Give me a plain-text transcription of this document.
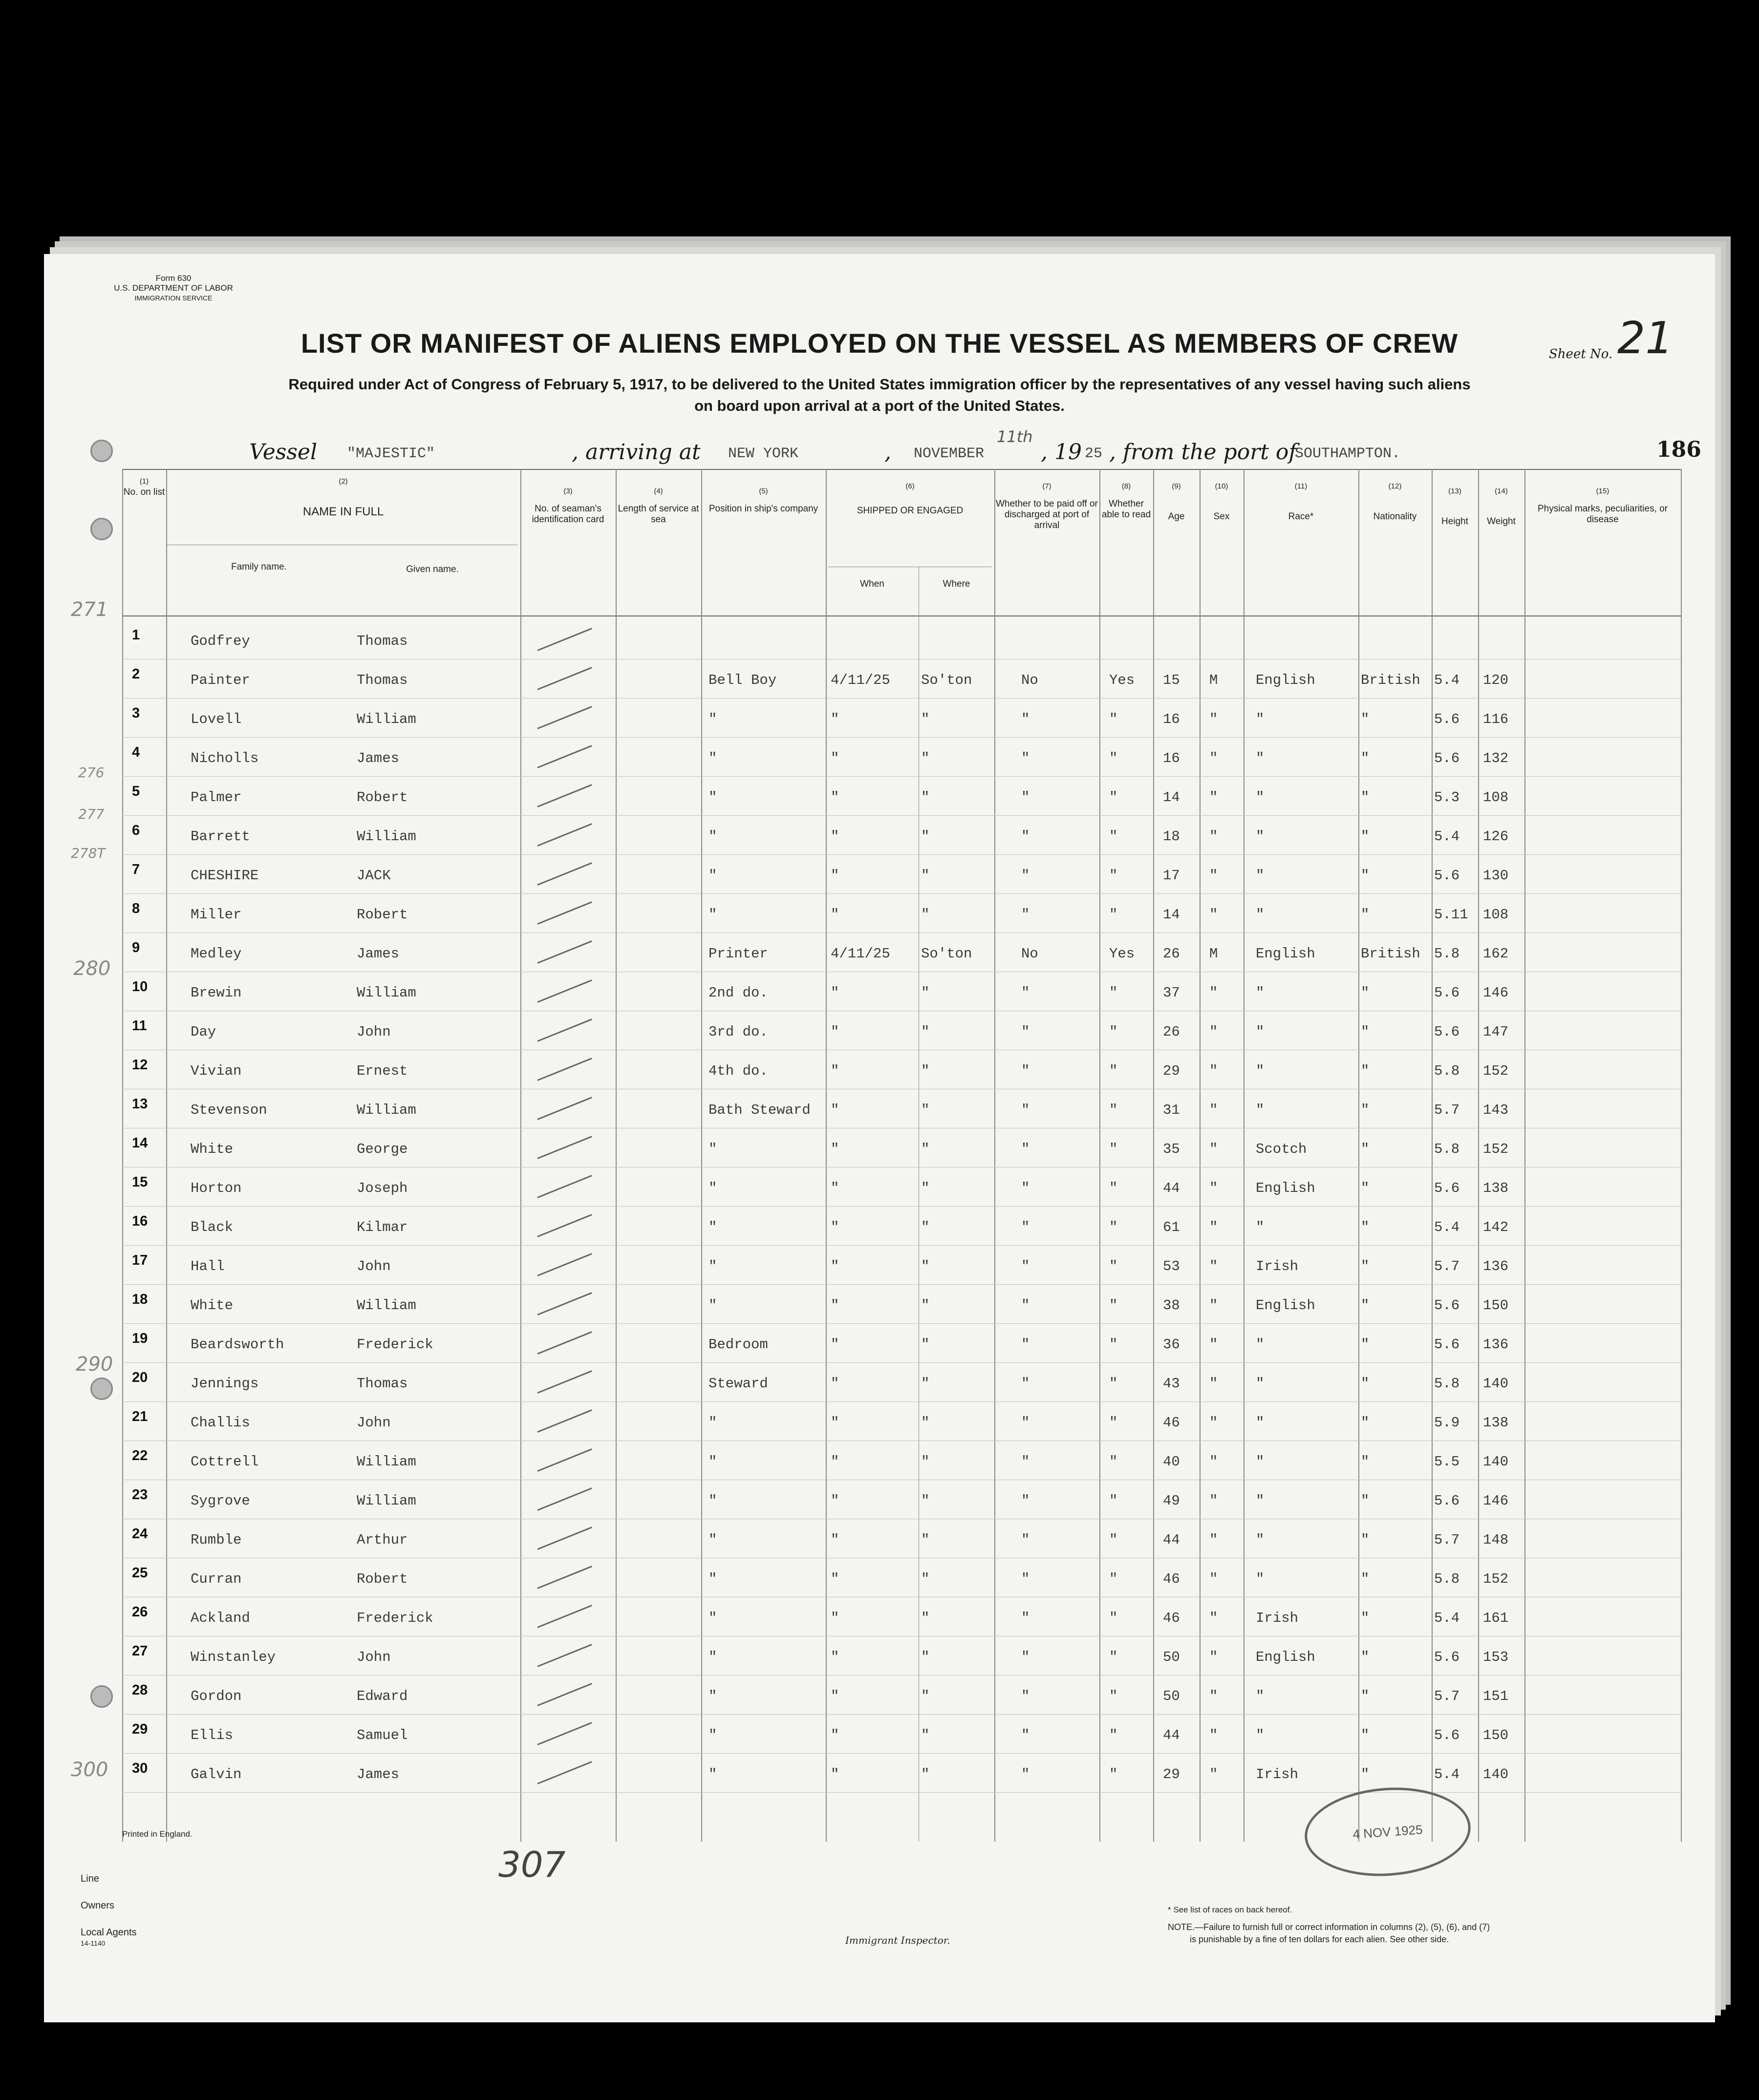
Form 630
U.S. DEPARTMENT OF LABOR
IMMIGRATION SERVICE
Sheet No. 21
LIST OR MANIFEST OF ALIENS EMPLOYED ON THE VESSEL AS MEMBERS OF CREW
Required under Act of Congress of February 5, 1917, to be delivered to the United States immigration officer by the representatives of any vessel having such aliens
on board upon arrival at a port of the United States.
Vessel "MAJESTIC"	, arriving at NEW YORK	, NOVEMBER
11th
, 19 25 , from the port of
SOUTHAMPTON.	186
(1)
No. on list
(2)
NAME IN FULL
Family name.	Given name.
(3)
No. of seaman's identification card
(4)
Length of service at sea
(5)
Position in ship's company
(6)
SHIPPED OR ENGAGED
When	Where
(7)
Whether to be paid off or discharged at port of arrival
(8)
Whether able to read
(9)
Age
(10)
Sex
(11)
Race*
(12)
Nationality
(13)
Height
(14)
Weight
(15)
Physical marks, peculiarities, or disease
1	Godfrey	Thomas
2	Painter	Thomas	Bell Boy	4/11/25 So'ton	No	Yes 15 M	English	British 5.4 120
3	Lovell	William	"	"	"	"	"	16 "	"	"	5.6 116
4	Nicholls	James	"	"	"	"	"	16 "	"	"	5.6 132
5	Palmer	Robert	"	"	"	"	"	14 "	"	"	5.3 108
6	Barrett	William	"	"	"	"	"	18 "	"	"	5.4 126
7	CHESHIRE	JACK	"	"	"	"	"	17 "	"	"	5.6 130
8	Miller	Robert	"	"	"	"	"	14 "	"	"	5.11 108
9	Medley	James	Printer	4/11/25 So'ton	No	Yes 26 M	English	British 5.8 162
10	Brewin	William	2nd do.	"	"	"	"	37 "	"	"	5.6 146
11	Day	John	3rd do.	"	"	"	"	26 "	"	"	5.6 147
12	Vivian	Ernest	4th do.	"	"	"	"	29 "	"	"	5.8 152
13	Stevenson	William	Bath Steward "	"	"	"	31 "	"	"	5.7 143
14	White	George	"	"	"	"	"	35 "	Scotch	"	5.8 152
15	Horton	Joseph	"	"	"	"	"	44 "	English	"	5.6 138
16	Black	Kilmar	"	"	"	"	"	61 "	"	"	5.4 142
17	Hall	John	"	"	"	"	"	53 "	Irish	"	5.7 136
18	White	William	"	"	"	"	"	38 "	English	"	5.6 150
19	Beardsworth	Frederick	Bedroom	"	"	"	"	36 "	"	"	5.6 136
20	Jennings	Thomas	Steward	"	"	"	"	43 "	"	"	5.8 140
21	Challis	John	"	"	"	"	"	46 "	"	"	5.9 138
22	Cottrell	William	"	"	"	"	"	40 "	"	"	5.5 140
23	Sygrove	William	"	"	"	"	"	49 "	"	"	5.6 146
24	Rumble	Arthur	"	"	"	"	"	44 "	"	"	5.7 148
25	Curran	Robert	"	"	"	"	"	46 "	"	"	5.8 152
26	Ackland	Frederick	"	"	"	"	"	46 "	Irish	"	5.4 161
27	Winstanley	John	"	"	"	"	"	50 "	English	"	5.6 153
28	Gordon	Edward	"	"	"	"	"	50 "	"	"	5.7 151
29	Ellis	Samuel	"	"	"	"	"	44 "	"	"	5.6 150
30	Galvin	James	"	"	"	"	"	29 "	Irish	"	5.4 140
271
276
277
278T
280
290
300
Printed in England.
Line
Owners
Local Agents
14-1140	Immigrant Inspector.
* See list of races on back hereof.
NOTE.—Failure to furnish full or correct information in columns (2), (5), (6), and (7)
is punishable by a fine of ten dollars for each alien. See other side.
307
4 NOV 1925
